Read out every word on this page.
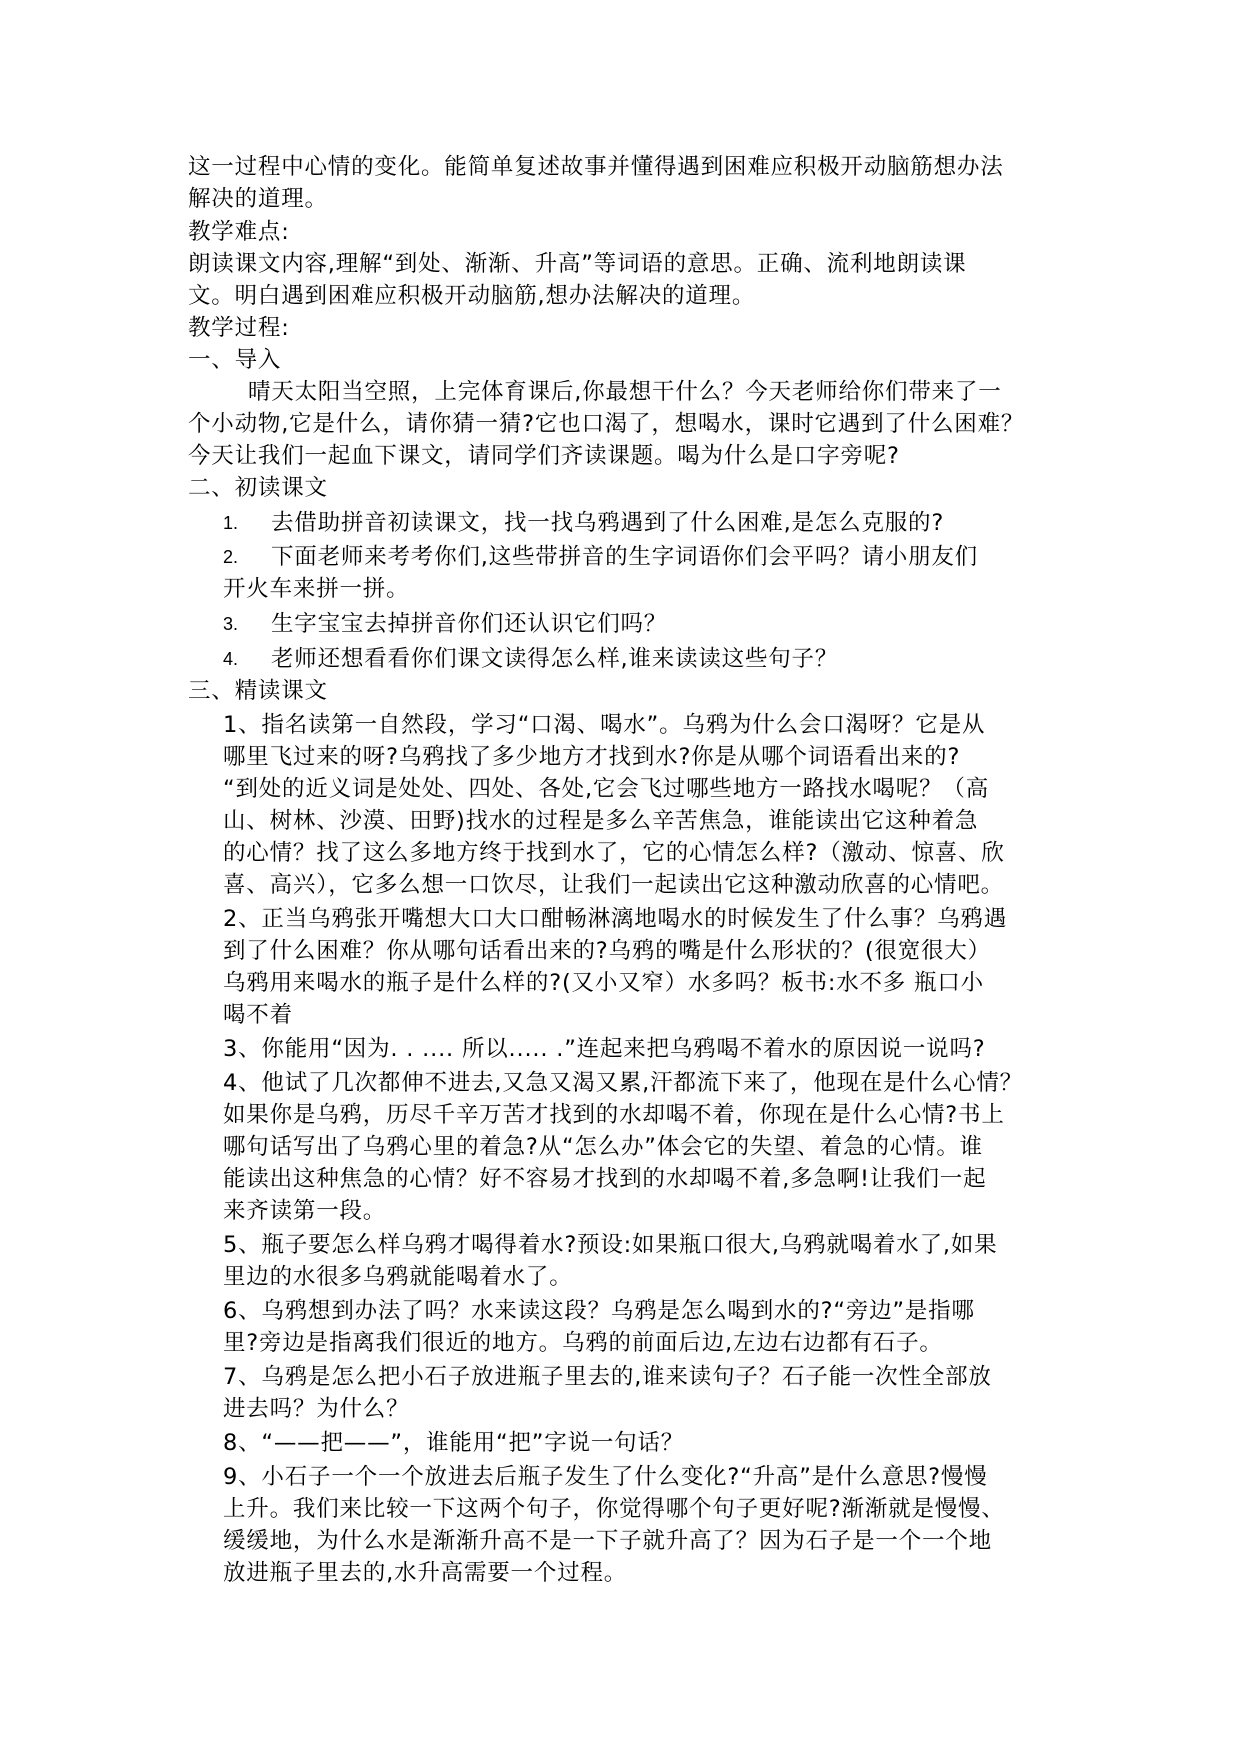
这一过程中心情的变化。能简单复述故事并懂得遇到困难应积极开动脑筋想办法
解决的道理。
教学难点:
朗读课文内容,理解“到处、渐渐、升高”等词语的意思。正确、流利地朗读课
文。明白遇到困难应积极开动脑筋,想办法解决的道理。
教学过程:
一、导入
晴天太阳当空照，上完体育课后,你最想干什么？今天老师给你们带来了一
个小动物,它是什么，请你猜一猜?它也口渴了，想喝水，课时它遇到了什么困难？
今天让我们一起血下课文，请同学们齐读课题。喝为什么是口字旁呢?
二、初读课文
1. 去借助拼音初读课文，找一找乌鸦遇到了什么困难,是怎么克服的?
2. 下面老师来考考你们,这些带拼音的生字词语你们会平吗？请小朋友们
开火车来拼一拼。
3. 生字宝宝去掉拼音你们还认识它们吗？
4. 老师还想看看你们课文读得怎么样,谁来读读这些句子？
三、精读课文
1、指名读第一自然段，学习“口渴、喝水”。乌鸦为什么会口渴呀？它是从
哪里飞过来的呀?乌鸦找了多少地方才找到水?你是从哪个词语看出来的?
“到处的近义词是处处、四处、各处,它会飞过哪些地方一路找水喝呢？（高
山、树林、沙漠、田野)找水的过程是多么辛苦焦急，谁能读出它这种着急
的心情？找了这么多地方终于找到水了，它的心情怎么样?（激动、惊喜、欣
喜、高兴），它多么想一口饮尽，让我们一起读出它这种激动欣喜的心情吧。
2、正当乌鸦张开嘴想大口大口酣畅淋漓地喝水的时候发生了什么事？乌鸦遇
到了什么困难？你从哪句话看出来的?乌鸦的嘴是什么形状的？(很宽很大）
乌鸦用来喝水的瓶子是什么样的?(又小又窄）水多吗？板书:水不多 瓶口小
喝不着
3、你能用“因为. . .... 所以..... .”连起来把乌鸦喝不着水的原因说一说吗?
4、他试了几次都伸不进去,又急又渴又累,汗都流下来了，他现在是什么心情？
如果你是乌鸦，历尽千辛万苦才找到的水却喝不着，你现在是什么心情?书上
哪句话写出了乌鸦心里的着急?从“怎么办”体会它的失望、着急的心情。谁
能读出这种焦急的心情？好不容易才找到的水却喝不着,多急啊!让我们一起
来齐读第一段。
5、瓶子要怎么样乌鸦才喝得着水?预设:如果瓶口很大,乌鸦就喝着水了,如果
里边的水很多乌鸦就能喝着水了。
6、乌鸦想到办法了吗？水来读这段？乌鸦是怎么喝到水的?“旁边”是指哪
里?旁边是指离我们很近的地方。乌鸦的前面后边,左边右边都有石子。
7、乌鸦是怎么把小石子放进瓶子里去的,谁来读句子？石子能一次性全部放
进去吗？为什么？
8、“——把——”，谁能用“把”字说一句话？
9、小石子一个一个放进去后瓶子发生了什么变化?“升高”是什么意思?慢慢
上升。我们来比较一下这两个句子，你觉得哪个句子更好呢?渐渐就是慢慢、
缓缓地，为什么水是渐渐升高不是一下子就升高了？因为石子是一个一个地
放进瓶子里去的,水升高需要一个过程。
